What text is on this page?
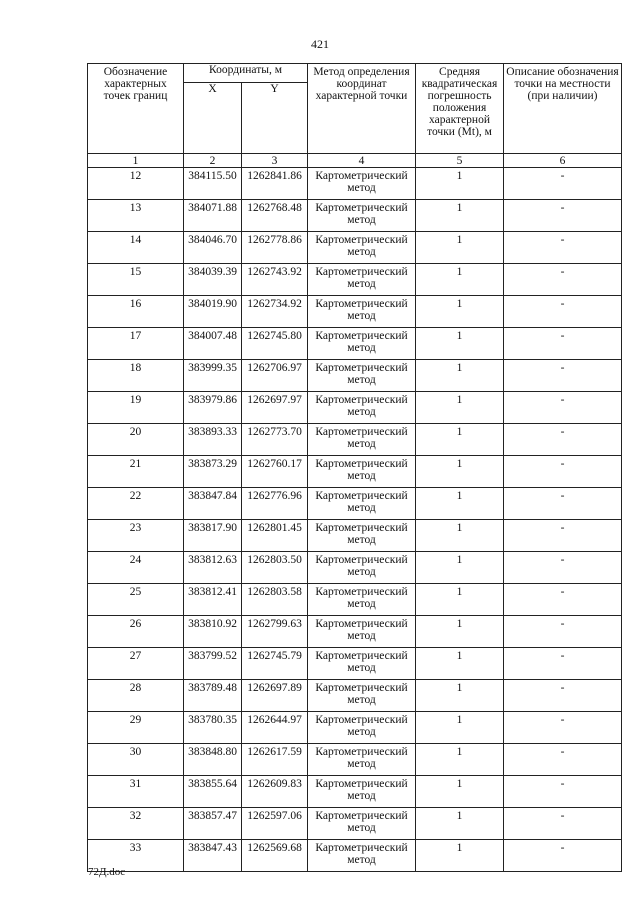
421
Обозначение характерных точек границ	Координаты, м		Метод определения координат характерной точки	Средняя квадратическая погрешность положения характерной точки (Mt), м	Описание обозначения точки на местности (при наличии)
	X	Y			
1	2	3	4	5	6
12	384115.50	1262841.86	Картометрический метод	1	-
13	384071.88	1262768.48	Картометрический метод	1	-
14	384046.70	1262778.86	Картометрический метод	1	-
15	384039.39	1262743.92	Картометрический метод	1	-
16	384019.90	1262734.92	Картометрический метод	1	-
17	384007.48	1262745.80	Картометрический метод	1	-
18	383999.35	1262706.97	Картометрический метод	1	-
19	383979.86	1262697.97	Картометрический метод	1	-
20	383893.33	1262773.70	Картометрический метод	1	-
21	383873.29	1262760.17	Картометрический метод	1	-
22	383847.84	1262776.96	Картометрический метод	1	-
23	383817.90	1262801.45	Картометрический метод	1	-
24	383812.63	1262803.50	Картометрический метод	1	-
25	383812.41	1262803.58	Картометрический метод	1	-
26	383810.92	1262799.63	Картометрический метод	1	-
27	383799.52	1262745.79	Картометрический метод	1	-
28	383789.48	1262697.89	Картометрический метод	1	-
29	383780.35	1262644.97	Картометрический метод	1	-
30	383848.80	1262617.59	Картометрический метод	1	-
31	383855.64	1262609.83	Картометрический метод	1	-
32	383857.47	1262597.06	Картометрический метод	1	-
33	383847.43	1262569.68	Картометрический метод	1	-
72Д.doc
